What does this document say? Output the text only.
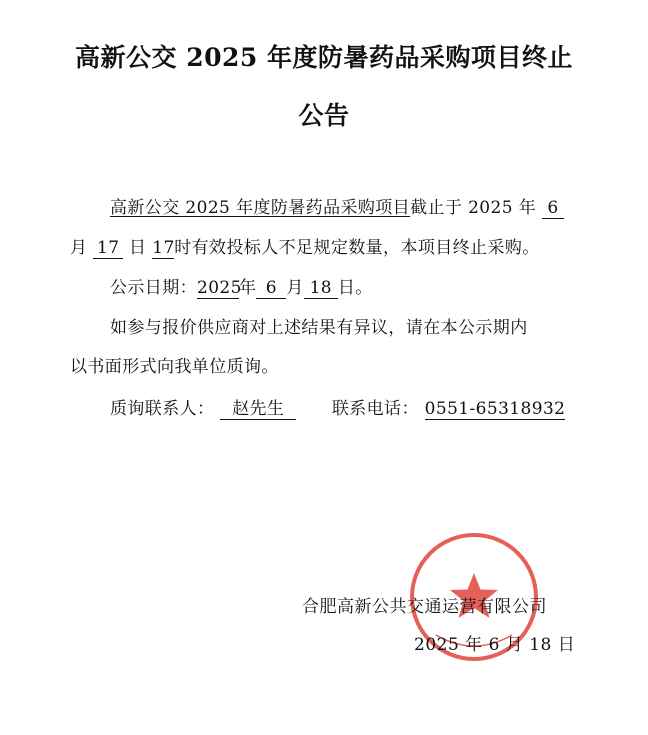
高新公交 2025 年度防暑药品采购项目终止
公告

高新公交 2025 年度防暑药品采购项目截止于 2025 年 6

月 17 日 17时有效投标人不足规定数量，本项目终止采购。

公示日期：2025年 6 月 18 日。

如参与报价供应商对上述结果有异议，请在本公示期内

以书面形式向我单位质询。

质询联系人： 赵先生	联系电话： 0551-65318932

合肥高新公共交通运营有限公司

2025 年 6 月 18 日
